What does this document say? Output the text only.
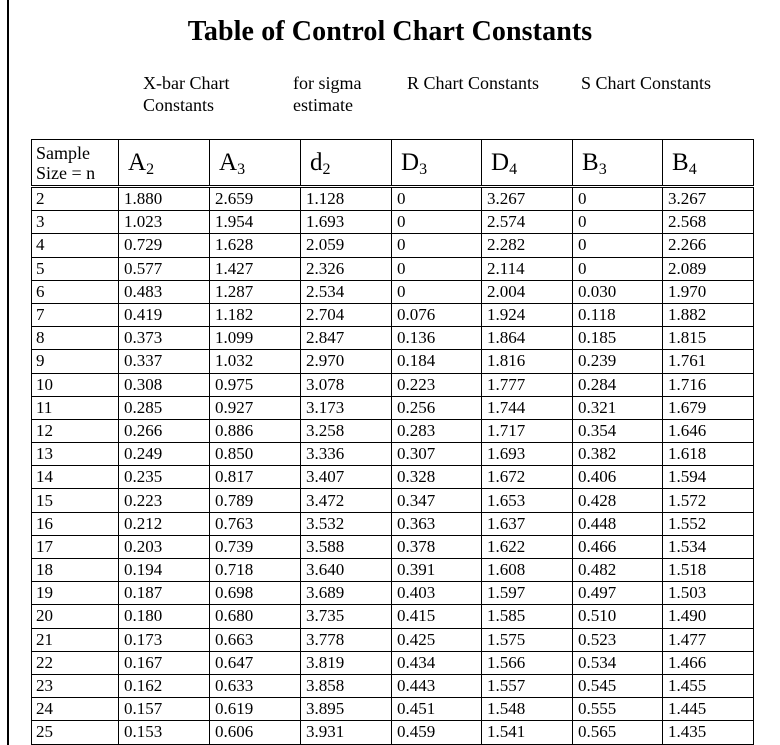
Table of Control Chart Constants
X-bar Chart
Constants
for sigma
estimate
R Chart Constants S Chart Constants
Sample
Size = n	$A_2$	$A_3$	$d_2$	$D_3$	$D_4$	$B_3$	$B_4$
2	1.880	2.659	1.128	0	3.267	0	3.267
3	1.023	1.954	1.693	0	2.574	0	2.568
4	0.729	1.628	2.059	0	2.282	0	2.266
5	0.577	1.427	2.326	0	2.114	0	2.089
6	0.483	1.287	2.534	0	2.004	0.030	1.970
7	0.419	1.182	2.704	0.076	1.924	0.118	1.882
8	0.373	1.099	2.847	0.136	1.864	0.185	1.815
9	0.337	1.032	2.970	0.184	1.816	0.239	1.761
10	0.308	0.975	3.078	0.223	1.777	0.284	1.716
11	0.285	0.927	3.173	0.256	1.744	0.321	1.679
12	0.266	0.886	3.258	0.283	1.717	0.354	1.646
13	0.249	0.850	3.336	0.307	1.693	0.382	1.618
14	0.235	0.817	3.407	0.328	1.672	0.406	1.594
15	0.223	0.789	3.472	0.347	1.653	0.428	1.572
16	0.212	0.763	3.532	0.363	1.637	0.448	1.552
17	0.203	0.739	3.588	0.378	1.622	0.466	1.534
18	0.194	0.718	3.640	0.391	1.608	0.482	1.518
19	0.187	0.698	3.689	0.403	1.597	0.497	1.503
20	0.180	0.680	3.735	0.415	1.585	0.510	1.490
21	0.173	0.663	3.778	0.425	1.575	0.523	1.477
22	0.167	0.647	3.819	0.434	1.566	0.534	1.466
23	0.162	0.633	3.858	0.443	1.557	0.545	1.455
24	0.157	0.619	3.895	0.451	1.548	0.555	1.445
25	0.153	0.606	3.931	0.459	1.541	0.565	1.435
